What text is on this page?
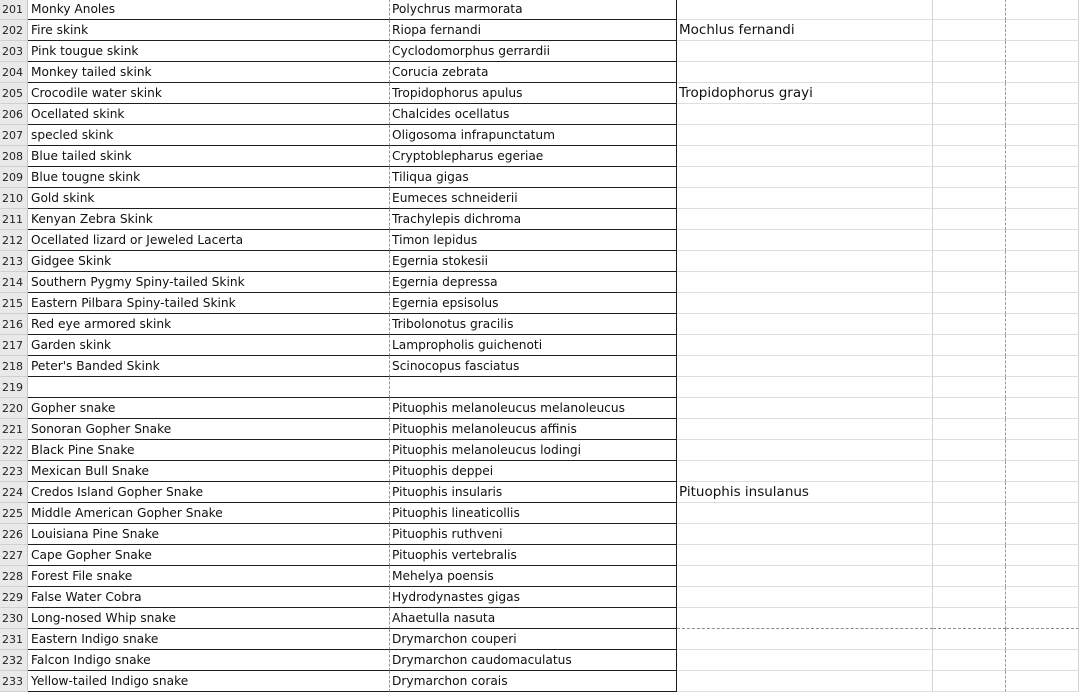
201 Monky Anoles	Polychrus marmorata
202 Fire skink	Riopa fernandi	Mochlus fernandi
203 Pink tougue skink	Cyclodomorphus gerrardii
204 Monkey tailed skink	Corucia zebrata
205 Crocodile water skink	Tropidophorus apulus	Tropidophorus grayi
206 Ocellated skink	Chalcides ocellatus
207 specled skink	Oligosoma infrapunctatum
208 Blue tailed skink	Cryptoblepharus egeriae
209 Blue tougne skink	Tiliqua gigas
210 Gold skink	Eumeces schneiderii
211 Kenyan Zebra Skink	Trachylepis dichroma
212 Ocellated lizard or Jeweled Lacerta	Timon lepidus
213 Gidgee Skink	Egernia stokesii
214 Southern Pygmy Spiny-tailed Skink	Egernia depressa
215 Eastern Pilbara Spiny-tailed Skink	Egernia epsisolus
216 Red eye armored skink	Tribolonotus gracilis
217 Garden skink	Lampropholis guichenoti
218 Peter's Banded Skink	Scinocopus fasciatus
219
220 Gopher snake	Pituophis melanoleucus melanoleucus
221 Sonoran Gopher Snake	Pituophis melanoleucus affinis
222 Black Pine Snake	Pituophis melanoleucus lodingi
223 Mexican Bull Snake	Pituophis deppei
224 Credos Island Gopher Snake	Pituophis insularis	Pituophis insulanus
225 Middle American Gopher Snake	Pituophis lineaticollis
226 Louisiana Pine Snake	Pituophis ruthveni
227 Cape Gopher Snake	Pituophis vertebralis
228 Forest File snake	Mehelya poensis
229 False Water Cobra	Hydrodynastes gigas
230 Long-nosed Whip snake	Ahaetulla nasuta
231 Eastern Indigo snake	Drymarchon couperi
232 Falcon Indigo snake	Drymarchon caudomaculatus
233 Yellow-tailed Indigo snake	Drymarchon corais
